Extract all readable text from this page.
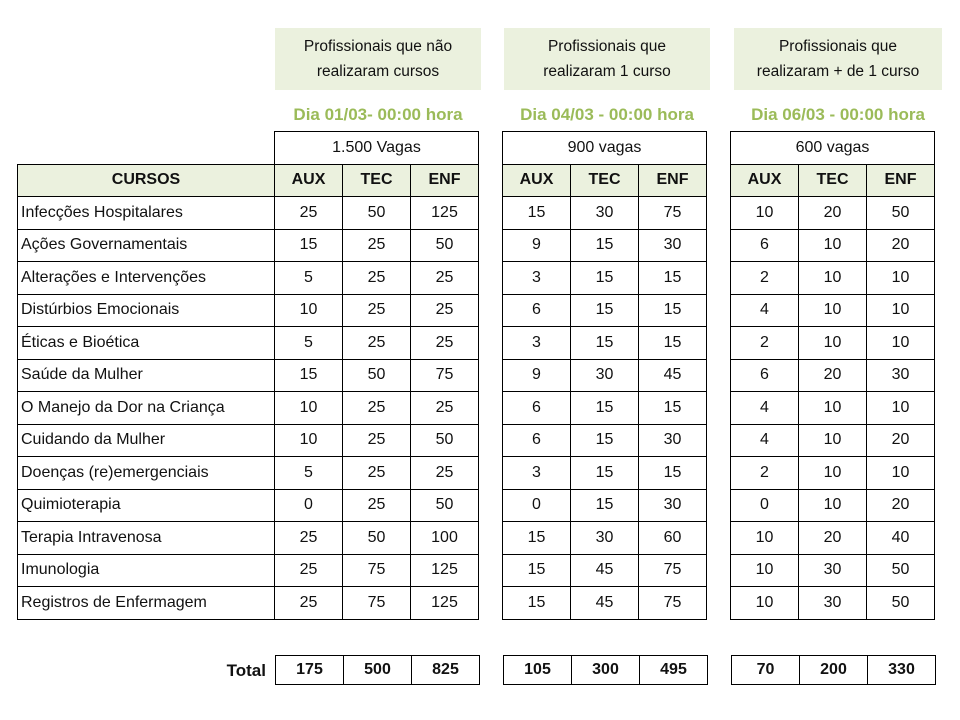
Profissionais que não
realizaram cursos
Profissionais que
realizaram 1 curso
Profissionais que
realizaram + de 1 curso
Dia 01/03- 00:00 hora	Dia 04/03 - 00:00 hora	Dia 06/03 - 00:00 hora
	1.500 Vagas				900 vagas				600 vagas		
CURSOS	AUX	TEC	ENF		AUX	TEC	ENF		AUX	TEC	ENF
Infecções Hospitalares	25	50	125		15	30	75		10	20	50
Ações Governamentais	15	25	50		9	15	30		6	10	20
Alterações e Intervenções	5	25	25		3	15	15		2	10	10
Distúrbios Emocionais	10	25	25		6	15	15		4	10	10
Éticas e Bioética	5	25	25		3	15	15		2	10	10
Saúde da Mulher	15	50	75		9	30	45		6	20	30
O Manejo da Dor na Criança	10	25	25		6	15	15		4	10	10
Cuidando da Mulher	10	25	50		6	15	30		4	10	20
Doenças (re)emergenciais	5	25	25		3	15	15		2	10	10
Quimioterapia	0	25	50		0	15	30		0	10	20
Terapia Intravenosa	25	50	100		15	30	60		10	20	40
Imunologia	25	75	125		15	45	75		10	30	50
Registros de Enfermagem	25	75	125		15	45	75		10	30	50
Total 175	500	825		105	300	495		70	200	330
